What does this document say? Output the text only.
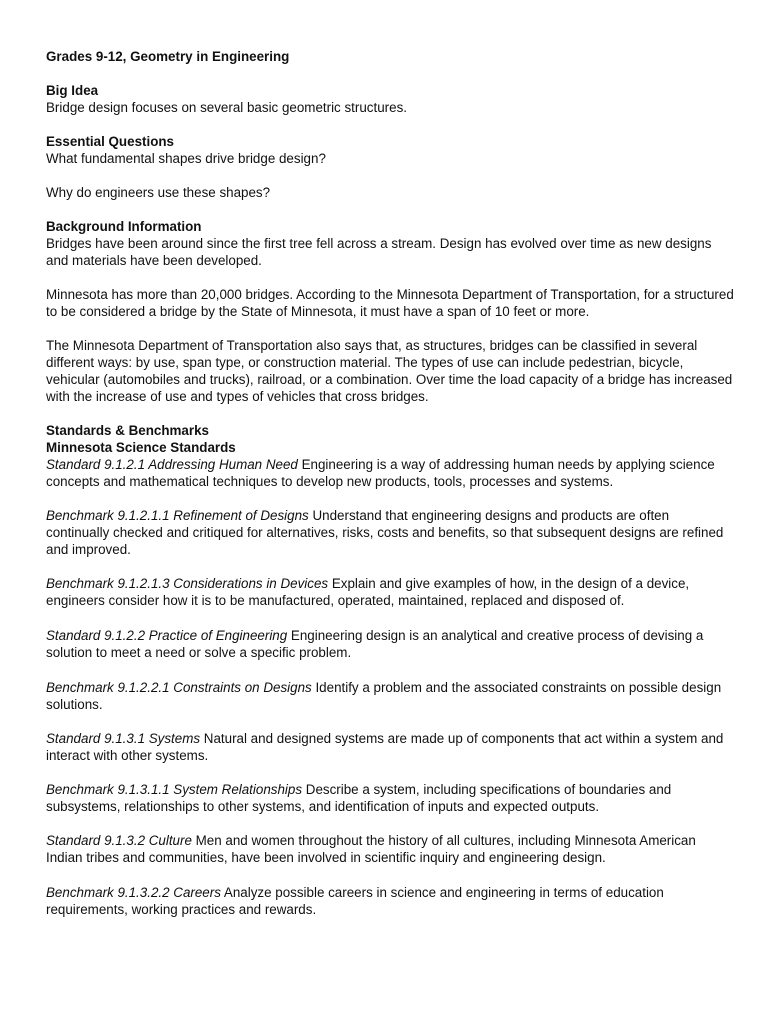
Grades 9-12, Geometry in Engineering

Big Idea

Bridge design focuses on several basic geometric structures.

Essential Questions

What fundamental shapes drive bridge design?

Why do engineers use these shapes?

Background Information

Bridges have been around since the first tree fell across a stream. Design has evolved over time as new designs and materials have been developed.

Minnesota has more than 20,000 bridges. According to the Minnesota Department of Transportation, for a structured to be considered a bridge by the State of Minnesota, it must have a span of 10 feet or more.

The Minnesota Department of Transportation also says that, as structures, bridges can be classified in several different ways: by use, span type, or construction material. The types of use can include pedestrian, bicycle, vehicular (automobiles and trucks), railroad, or a combination. Over time the load capacity of a bridge has increased with the increase of use and types of vehicles that cross bridges.

Standards & Benchmarks

Minnesota Science Standards

Standard 9.1.2.1 Addressing Human Need Engineering is a way of addressing human needs by applying science concepts and mathematical techniques to develop new products, tools, processes and systems.

Benchmark 9.1.2.1.1 Refinement of Designs Understand that engineering designs and products are often continually checked and critiqued for alternatives, risks, costs and benefits, so that subsequent designs are refined and improved.

Benchmark 9.1.2.1.3 Considerations in Devices Explain and give examples of how, in the design of a device, engineers consider how it is to be manufactured, operated, maintained, replaced and disposed of.

Standard 9.1.2.2 Practice of Engineering Engineering design is an analytical and creative process of devising a solution to meet a need or solve a specific problem.

Benchmark 9.1.2.2.1 Constraints on Designs Identify a problem and the associated constraints on possible design solutions.

Standard 9.1.3.1 Systems Natural and designed systems are made up of components that act within a system and interact with other systems.

Benchmark 9.1.3.1.1 System Relationships Describe a system, including specifications of boundaries and subsystems, relationships to other systems, and identification of inputs and expected outputs.

Standard 9.1.3.2 Culture Men and women throughout the history of all cultures, including Minnesota American Indian tribes and communities, have been involved in scientific inquiry and engineering design.

Benchmark 9.1.3.2.2 Careers Analyze possible careers in science and engineering in terms of education requirements, working practices and rewards.
